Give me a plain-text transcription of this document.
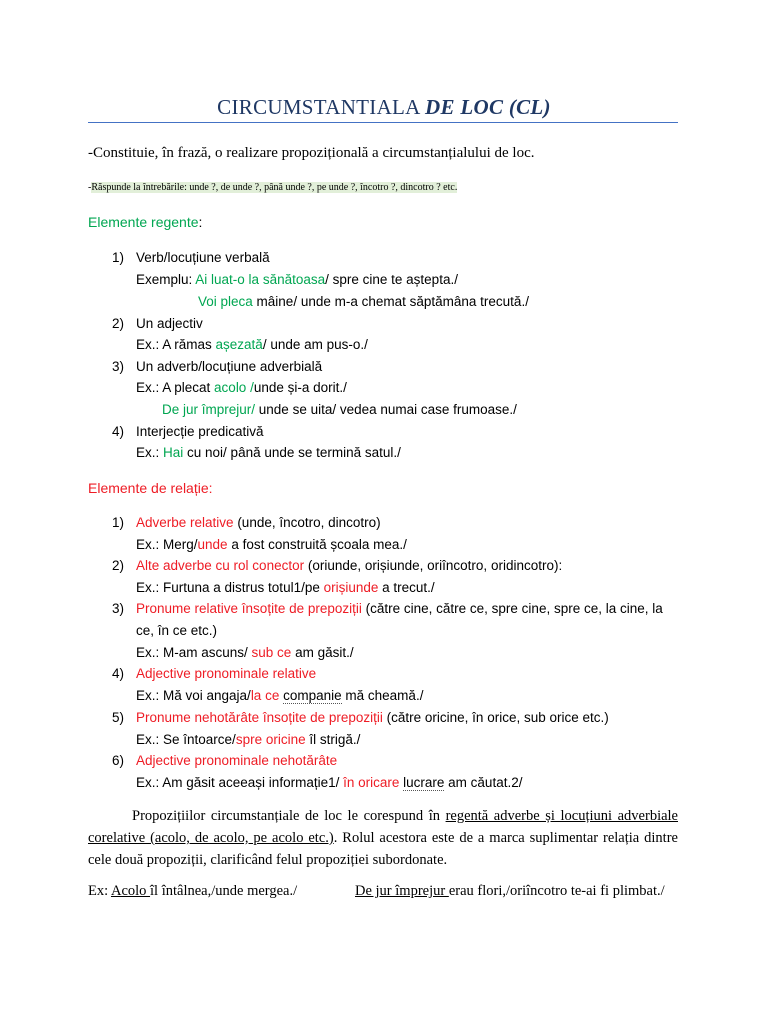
CIRCUMSTANTIALA DE LOC (CL)
-Constituie, în frază, o realizare propozițională a circumstanțialului de loc.
-Răspunde la întrebările: unde ?, de unde ?, până unde ?, pe unde ?, încotro ?, dincotro ? etc.
Elemente regente:
1) Verb/locuțiune verbală
Exemplu: Ai luat-o la sănătoasa/ spre cine te aștepta./
Voi pleca mâine/ unde m-a chemat săptămâna trecută./
2) Un adjectiv
Ex.: A rămas așezată/ unde am pus-o./
3) Un adverb/locuțiune adverbială
Ex.: A plecat acolo /unde și-a dorit./
De jur împrejur/ unde se uita/ vedea numai case frumoase./
4) Interjecție predicativă
Ex.: Hai cu noi/ până unde se termină satul./
Elemente de relație:
1) Adverbe relative (unde, încotro, dincotro)
Ex.: Merg/unde a fost construită școala mea./
2) Alte adverbe cu rol conector (oriunde, orișiunde, oriîncotro, oridincotro):
Ex.: Furtuna a distrus totul1/pe orișiunde a trecut./
3) Pronume relative însoțite de prepoziții (către cine, către ce, spre cine, spre ce, la cine, la
ce, în ce etc.)
Ex.: M-am ascuns/ sub ce am găsit./
4) Adjective pronominale relative
Ex.: Mă voi angaja/la ce companie mă cheamă./
5) Pronume nehotărâte însoțite de prepoziții (către oricine, în orice, sub orice etc.)
Ex.: Se întoarce/spre oricine îl strigă./
6) Adjective pronominale nehotărâte
Ex.: Am găsit aceeași informație1/ în oricare lucrare am căutat.2/
Propozițiilor circumstanțiale de loc le corespund în regentă adverbe și locuțiuni adverbiale corelative (acolo, de acolo, pe acolo etc.). Rolul acestora este de a marca suplimentar relația dintre cele două propoziții, clarificând felul propoziției subordonate.
Ex: Acolo îl întâlnea,/unde mergea./	De jur împrejur erau flori,/oriîncotro te-ai fi plimbat./
